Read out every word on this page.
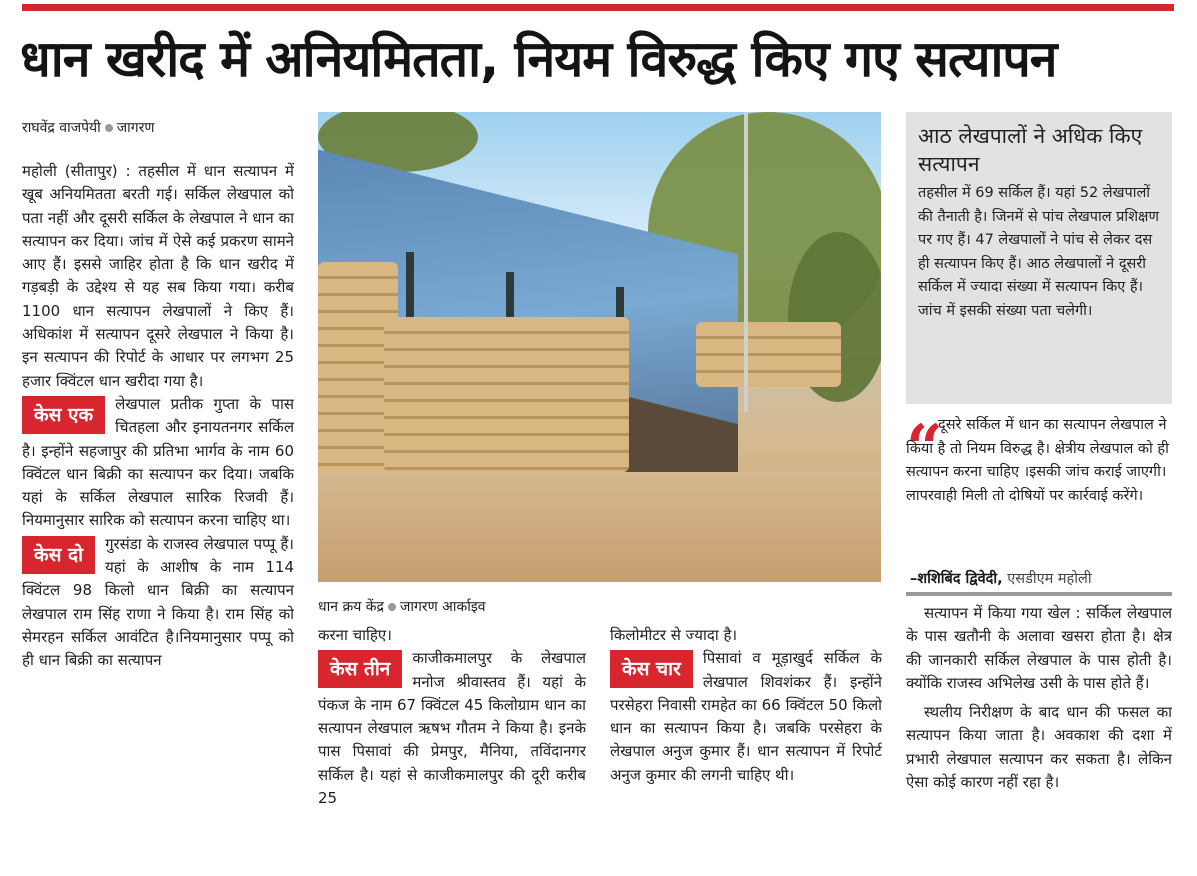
धान खरीद में अनियमितता, नियम विरुद्ध किए गए सत्यापन
राघवेंद्र वाजपेयी जागरण

महोली (सीतापुर) : तहसील में धान सत्यापन में खूब अनियमितता बरती गई। सर्किल लेखपाल को पता नहीं और दूसरी सर्किल के लेखपाल ने धान का सत्यापन कर दिया। जांच में ऐसे कई प्रकरण सामने आए हैं। इससे जाहिर होता है कि धान खरीद में गड़बड़ी के उद्देश्य से यह सब किया गया। करीब 1100 धान सत्यापन लेखपालों ने किए हैं। अधिकांश में सत्यापन दूसरे लेखपाल ने किया है। इन सत्यापन की रिपोर्ट के आधार पर लगभग 25 हजार क्विंटल धान खरीदा गया है।

केस एक	लेखपाल प्रतीक गुप्ता के पास चितहला और इनायतनगर सर्किल है। इन्होंने सहजापुर की प्रतिभा भार्गव के नाम 60 क्विंटल धान बिक्री का सत्यापन कर दिया। जबकि यहां के सर्किल लेखपाल सारिक रिजवी हैं। नियमानुसार सारिक को सत्यापन करना चाहिए था।

केस दो	गुरसंडा के राजस्व लेखपाल पप्पू हैं। यहां के आशीष के नाम 114 क्विंटल 98 किलो धान बिक्री का सत्यापन लेखपाल राम सिंह राणा ने किया है। राम सिंह को सेमरहन सर्किल आवंटित है।नियमानुसार पप्पू को ही धान बिक्री का सत्यापन

धान क्रय केंद्र जागरण आर्काइव

करना चाहिए।

केस तीन	काजीकमालपुर के लेखपाल मनोज श्रीवास्तव हैं। यहां के पंकज के नाम 67 क्विंटल 45 किलोग्राम धान का सत्यापन लेखपाल ऋषभ गौतम ने किया है। इनके पास पिसावां की प्रेमपुर, मैनिया, तविंदानगर सर्किल है। यहां से काजीकमालपुर की दूरी करीब 25

किलोमीटर से ज्यादा है।

केस चार	पिसावां व मूड़ाखुर्द सर्किल के लेखपाल शिवशंकर हैं। इन्होंने परसेहरा निवासी रामहेत का 66 क्विंटल 50 किलो धान का सत्यापन किया है। जबकि परसेहरा के लेखपाल अनुज कुमार हैं। धान सत्यापन में रिपोर्ट अनुज कुमार की लगनी चाहिए थी।

आठ लेखपालों ने अधिक किए सत्यापन
तहसील में 69 सर्किल हैं। यहां 52 लेखपालों की तैनाती है। जिनमें से पांच लेखपाल प्रशिक्षण पर गए हैं। 47 लेखपालों ने पांच से लेकर दस ही सत्यापन किए हैं। आठ लेखपालों ने दूसरी सर्किल में ज्यादा संख्या में सत्यापन किए हैं। जांच में इसकी संख्या पता चलेगी।
“
दूसरे सर्किल में धान का सत्यापन लेखपाल ने किया है तो नियम विरुद्ध है। क्षेत्रीय लेखपाल को ही सत्यापन करना चाहिए ।इसकी जांच कराई जाएगी। लापरवाही मिली तो दोषियों पर कार्रवाई करेंगे।
–शशिबिंद द्विवेदी, एसडीएम महोली

सत्यापन में किया गया खेल : सर्किल लेखपाल के पास खतौनी के अलावा खसरा होता है। क्षेत्र की जानकारी सर्किल लेखपाल के पास होती है। क्योंकि राजस्व अभिलेख उसी के पास होते हैं।

स्थलीय निरीक्षण के बाद धान की फसल का सत्यापन किया जाता है। अवकाश की दशा में प्रभारी लेखपाल सत्यापन कर सकता है। लेकिन ऐसा कोई कारण नहीं रहा है।
